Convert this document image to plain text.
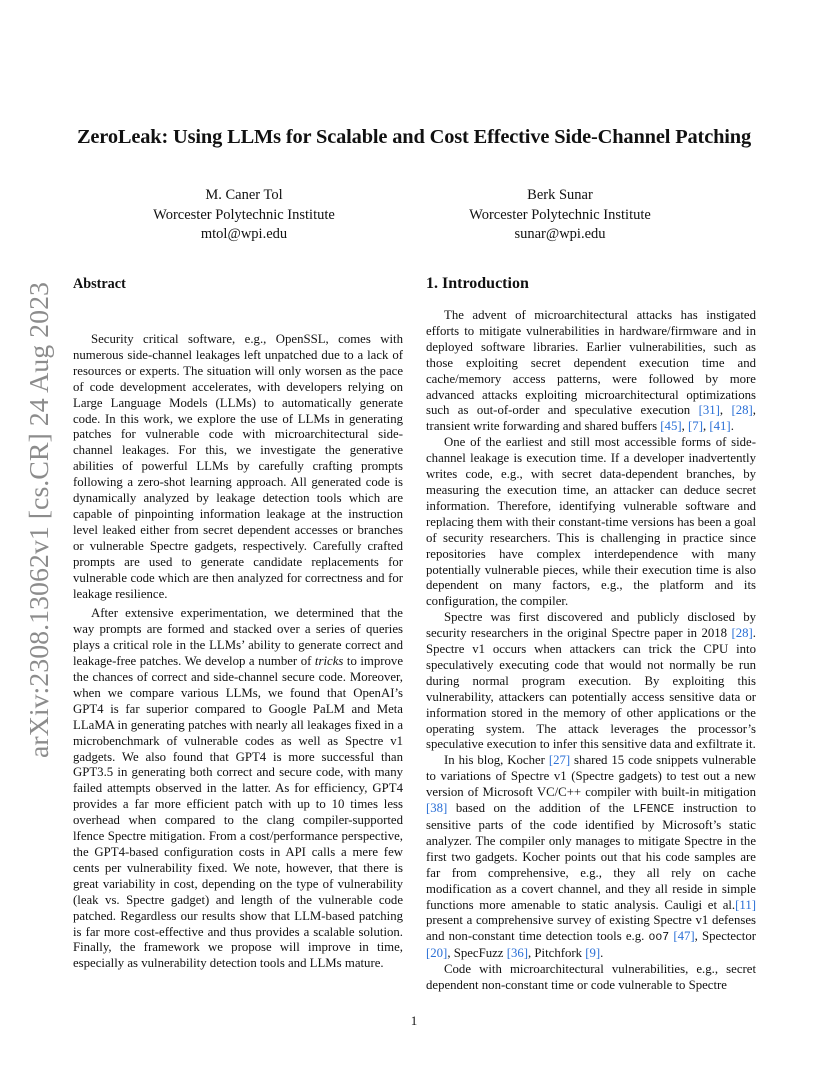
arXiv:2308.13062v1 [cs.CR] 24 Aug 2023
ZeroLeak: Using LLMs for Scalable and Cost Effective Side-Channel Patching
M. Caner Tol
Worcester Polytechnic Institute
mtol@wpi.edu
Berk Sunar
Worcester Polytechnic Institute
sunar@wpi.edu
Abstract

Security critical software, e.g., OpenSSL, comes with numerous side-channel leakages left unpatched due to a lack of resources or experts. The situation will only worsen as the pace of code development accelerates, with developers relying on Large Language Models (LLMs) to automatically generate code. In this work, we explore the use of LLMs in generating patches for vulnerable code with microarchitectural side-channel leakages. For this, we investigate the generative abilities of powerful LLMs by carefully crafting prompts following a zero-shot learning approach. All generated code is dynamically analyzed by leakage detection tools which are capable of pinpointing information leakage at the instruction level leaked either from secret dependent accesses or branches or vulnerable Spectre gadgets, respectively. Carefully crafted prompts are used to generate candidate replacements for vulnerable code which are then analyzed for correctness and for leakage resilience.

After extensive experimentation, we determined that the way prompts are formed and stacked over a series of queries plays a critical role in the LLMs’ ability to generate correct and leakage-free patches. We develop a number of tricks to improve the chances of correct and side-channel secure code. Moreover, when we compare various LLMs, we found that OpenAI’s GPT4 is far superior compared to Google PaLM and Meta LLaMA in generating patches with nearly all leakages fixed in a microbenchmark of vulnerable codes as well as Spectre v1 gadgets. We also found that GPT4 is more successful than GPT3.5 in generating both correct and secure code, with many failed attempts observed in the latter. As for efficiency, GPT4 provides a far more efficient patch with up to 10 times less overhead when compared to the clang compiler-supported lfence Spectre mitigation. From a cost/performance perspective, the GPT4-based configuration costs in API calls a mere few cents per vulnerability fixed. We note, however, that there is great variability in cost, depending on the type of vulnerability (leak vs. Spectre gadget) and length of the vulnerable code patched. Regardless our results show that LLM-based patching is far more cost-effective and thus provides a scalable solution. Finally, the framework we propose will improve in time, especially as vulnerability detection tools and LLMs mature.

1. Introduction

The advent of microarchitectural attacks has instigated efforts to mitigate vulnerabilities in hardware/firmware and in deployed software libraries. Earlier vulnerabilities, such as those exploiting secret dependent execution time and cache/memory access patterns, were followed by more advanced attacks exploiting microarchitectural optimizations such as out-of-order and speculative execution [31], [28], transient write forwarding and shared buffers [45], [7], [41].

One of the earliest and still most accessible forms of side-channel leakage is execution time. If a developer inadvertently writes code, e.g., with secret data-dependent branches, by measuring the execution time, an attacker can deduce secret information. Therefore, identifying vulnerable software and replacing them with their constant-time versions has been a goal of security researchers. This is challenging in practice since repositories have complex interdependence with many potentially vulnerable pieces, while their execution time is also dependent on many factors, e.g., the platform and its configuration, the compiler.

Spectre was first discovered and publicly disclosed by security researchers in the original Spectre paper in 2018 [28]. Spectre v1 occurs when attackers can trick the CPU into speculatively executing code that would not normally be run during normal program execution. By exploiting this vulnerability, attackers can potentially access sensitive data or information stored in the memory of other applications or the operating system. The attack leverages the processor’s speculative execution to infer this sensitive data and exfiltrate it.

In his blog, Kocher [27] shared 15 code snippets vulnerable to variations of Spectre v1 (Spectre gadgets) to test out a new version of Microsoft VC/C++ compiler with built-in mitigation [38] based on the addition of the LFENCE instruction to sensitive parts of the code identified by Microsoft’s static analyzer. The compiler only manages to mitigate Spectre in the first two gadgets. Kocher points out that his code samples are far from comprehensive, e.g., they all rely on cache modification as a covert channel, and they all reside in simple functions more amenable to static analysis. Cauligi et al.[11] present a comprehensive survey of existing Spectre v1 defenses and non-constant time detection tools e.g. oo7 [47], Spectector [20], SpecFuzz [36], Pitchfork [9].

Code with microarchitectural vulnerabilities, e.g., secret dependent non-constant time or code vulnerable to Spectre

1
